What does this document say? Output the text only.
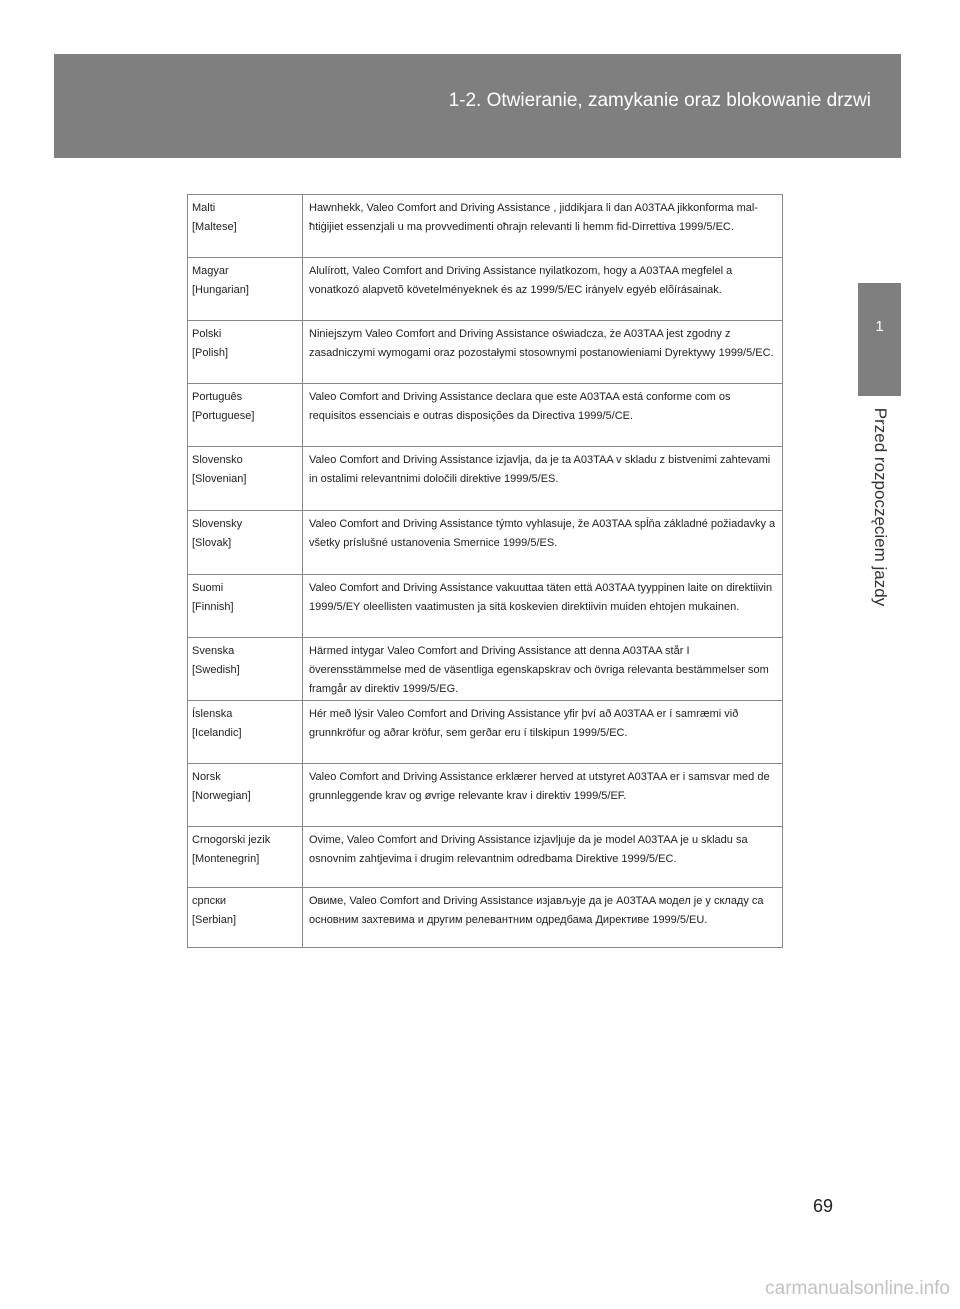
1-2. Otwieranie, zamykanie oraz blokowanie drzwi
1
Przed rozpoczęciem jazdy
Malti
[Maltese]
Hawnhekk, Valeo Comfort and Driving Assistance , jiddikjara li dan A03TAA jikkonforma mal-ħtiġijiet essenzjali u ma provvedimenti oħrajn relevanti li hemm fid-Dirrettiva 1999/5/EC.
Magyar
[Hungarian]
Alulírott, Valeo Comfort and Driving Assistance nyilatkozom, hogy a A03TAA megfelel a vonatkozó alapvetõ követelményeknek és az 1999/5/EC irányelv egyéb elõírásainak.
Polski
[Polish]
Niniejszym Valeo Comfort and Driving Assistance oświadcza, że A03TAA jest zgodny z zasadniczymi wymogami oraz pozostałymi stosownymi postanowieniami Dyrektywy 1999/5/EC.
Português
[Portuguese]
Valeo Comfort and Driving Assistance declara que este A03TAA está conforme com os requisitos essenciais e outras disposições da Directiva 1999/5/CE.
Slovensko
[Slovenian]
Valeo Comfort and Driving Assistance izjavlja, da je ta A03TAA v skladu z bistvenimi zahtevami in ostalimi relevantnimi določili direktive 1999/5/ES.
Slovensky
[Slovak]
Valeo Comfort and Driving Assistance týmto vyhlasuje, že A03TAA spĺňa základné požiadavky a všetky príslušné ustanovenia Smernice 1999/5/ES.
Suomi
[Finnish]
Valeo Comfort and Driving Assistance vakuuttaa täten että A03TAA tyyppinen laite on direktiivin 1999/5/EY oleellisten vaatimusten ja sitä koskevien direktiivin muiden ehtojen mukainen.
Svenska
[Swedish]
Härmed intygar Valeo Comfort and Driving Assistance att denna A03TAA står I överensstämmelse med de väsentliga egenskapskrav och övriga relevanta bestämmelser som framgår av direktiv 1999/5/EG.
Íslenska
[Icelandic]
Hér með lýsir Valeo Comfort and Driving Assistance yfir því að A03TAA er í samræmi við grunnkröfur og aðrar kröfur, sem gerðar eru í tilskipun 1999/5/EC.
Norsk
[Norwegian]
Valeo Comfort and Driving Assistance erklærer herved at utstyret A03TAA er i samsvar med de grunnleggende krav og øvrige relevante krav i direktiv 1999/5/EF.
Crnogorski jezik
[Montenegrin]
Ovime, Valeo Comfort and Driving Assistance izjavljuje da je model A03TAA je u skladu sa osnovnim zahtjevima i drugim relevantnim odredbama Direktive 1999/5/EC.
српски
[Serbian]
Овиме, Valeo Comfort and Driving Assistance изјављује да је A03TAA модел је у складу са основним захтевима и другим релевантним одредбама Директиве 1999/5/EU.
69
carmanualsonline.info
